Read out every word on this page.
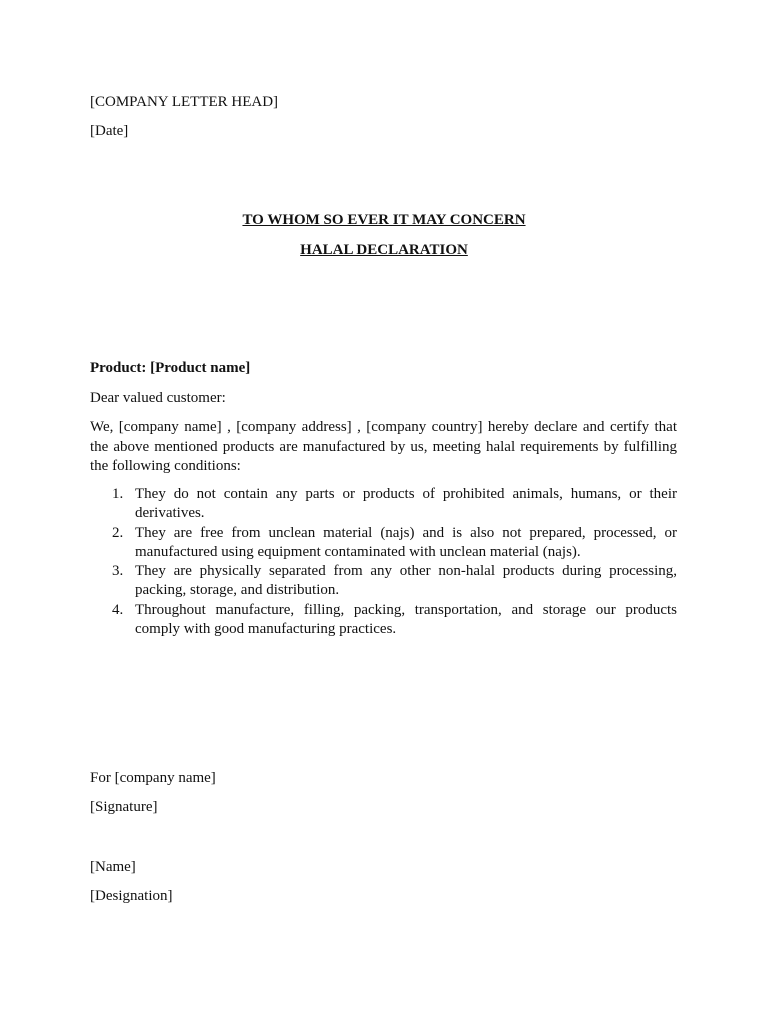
[COMPANY LETTER HEAD]
[Date]
TO WHOM SO EVER IT MAY CONCERN
HALAL DECLARATION
Product: [Product name]
Dear valued customer:
We, [company name] , [company address] , [company country] hereby declare and certify that the above mentioned products are manufactured by us, meeting halal requirements by fulfilling the following conditions:
1. They do not contain any parts or products of prohibited animals, humans, or their derivatives.
2. They are free from unclean material (najs) and is also not prepared, processed, or manufactured using equipment contaminated with unclean material (najs).
3. They are physically separated from any other non-halal products during processing, packing, storage, and distribution.
4. Throughout manufacture, filling, packing, transportation, and storage our products comply with good manufacturing practices.
For [company name]
[Signature]
[Name]
[Designation]
